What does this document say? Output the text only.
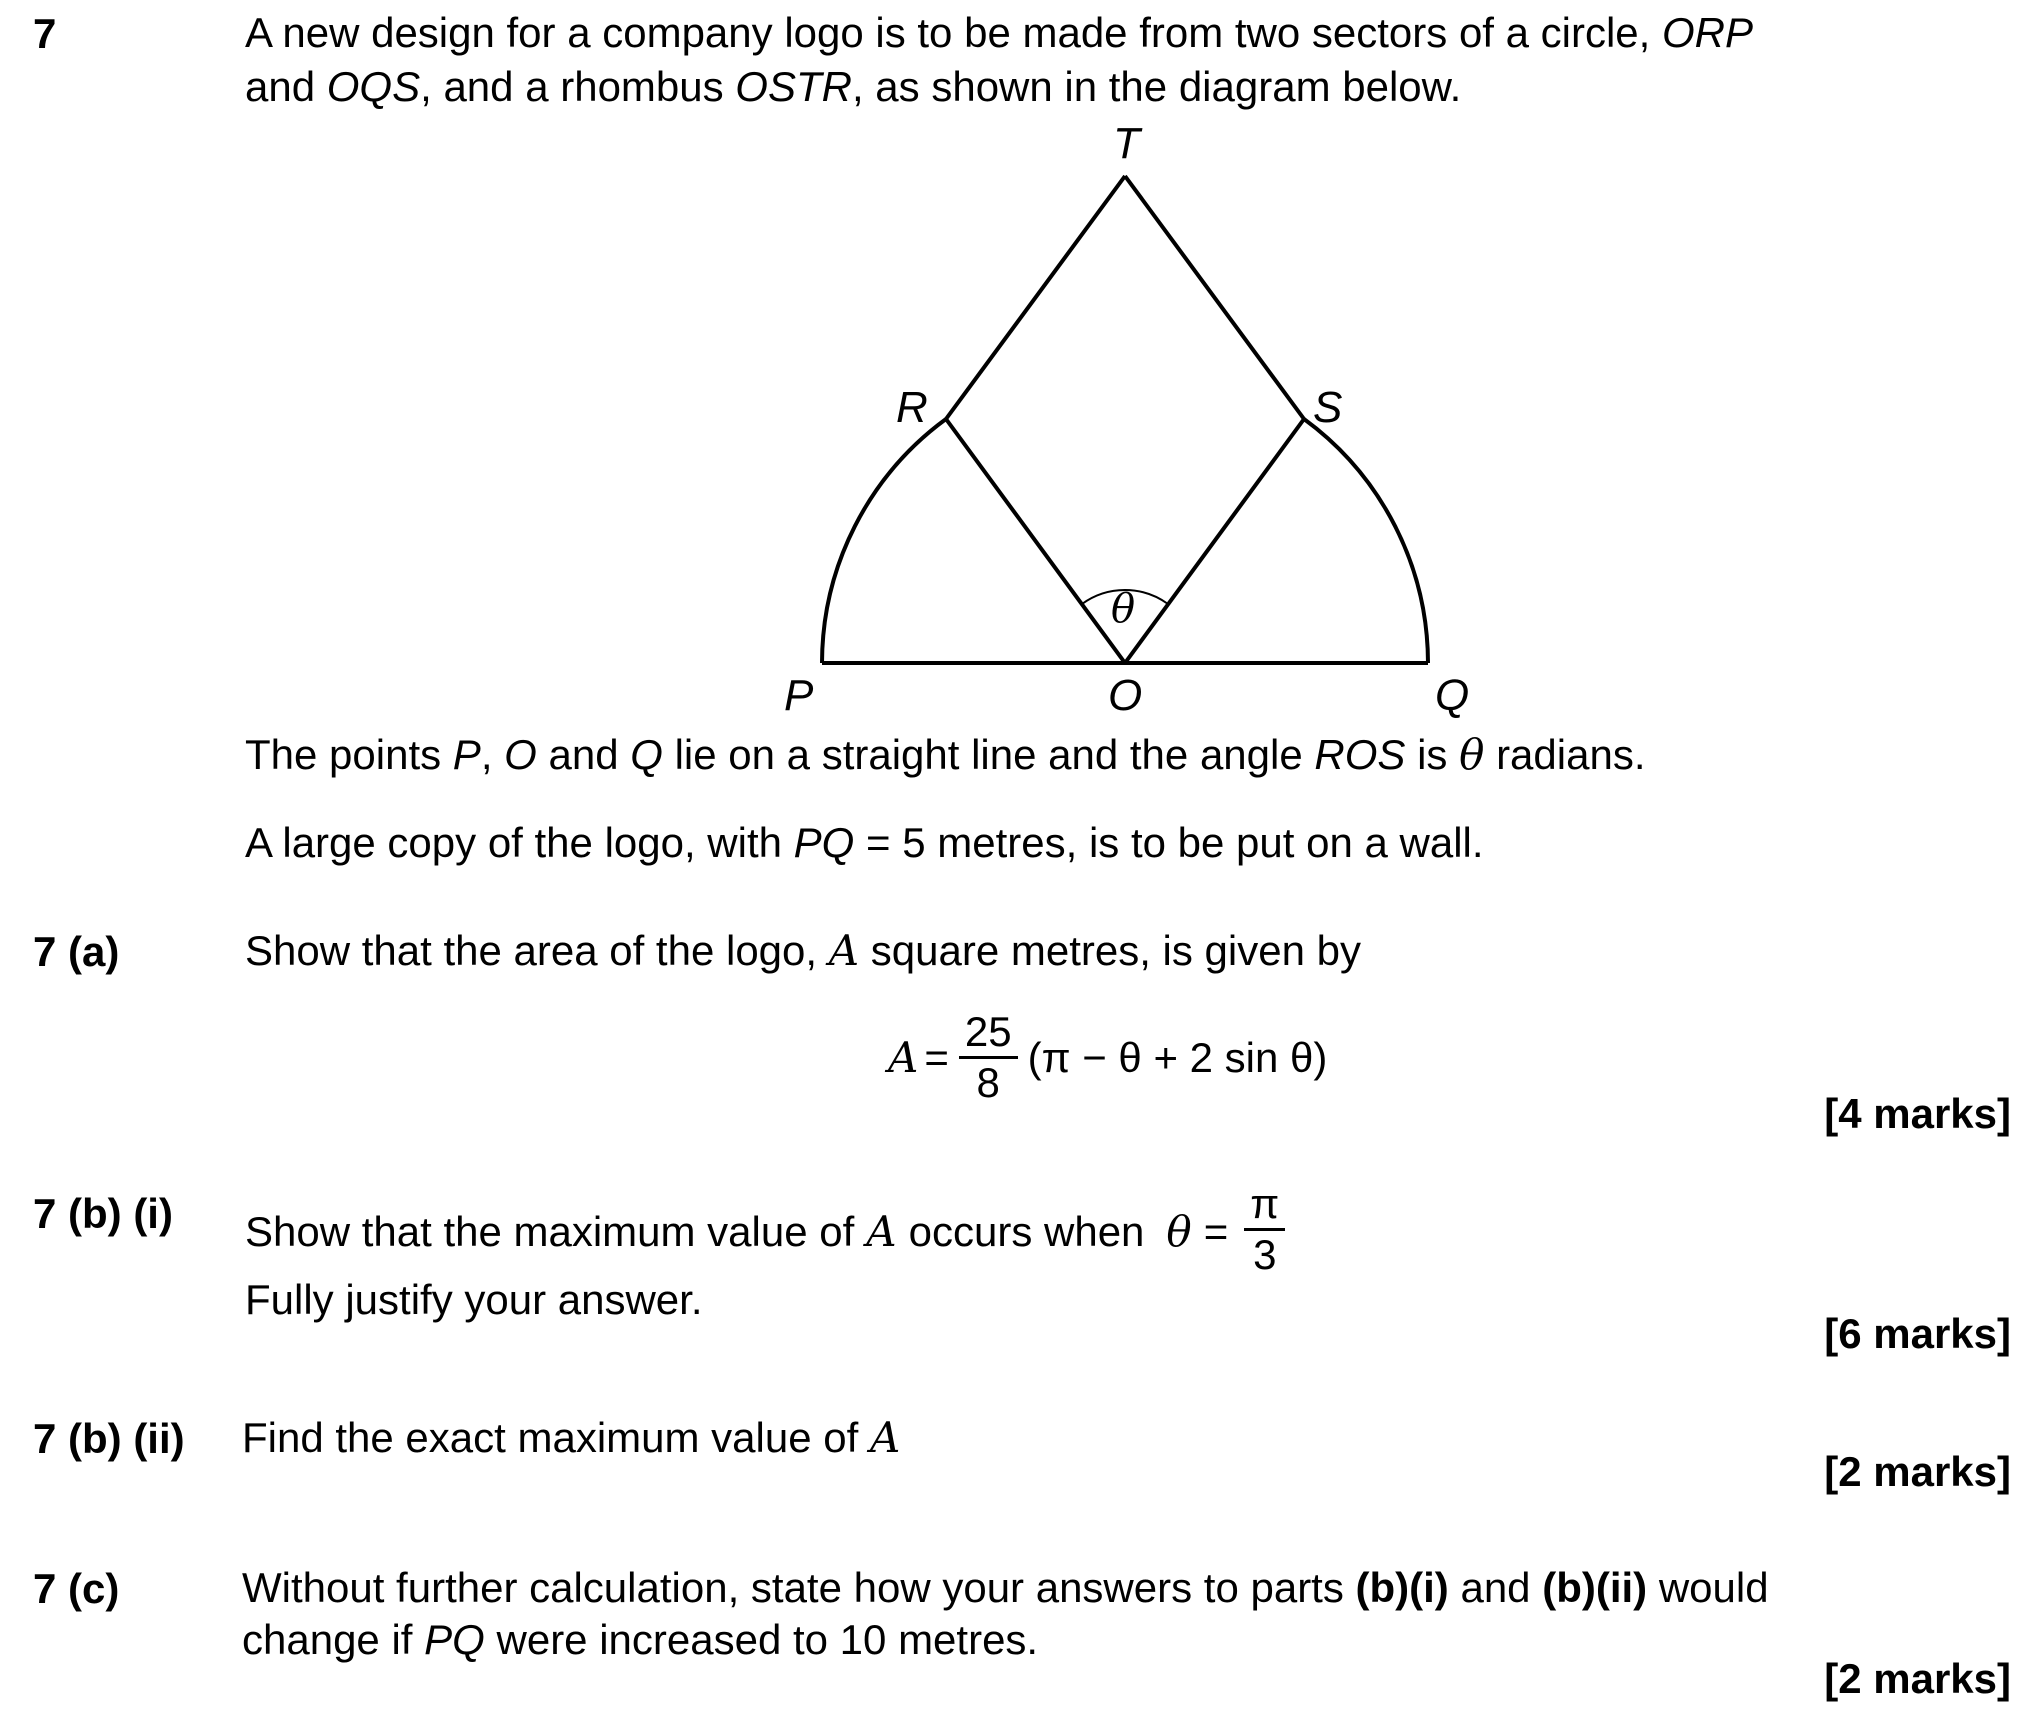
7	A new design for a company logo is to be made from two sectors of a circle, ORP
and OQS, and a rhombus OSTR, as shown in the diagram below.
T
R	S
P	O	Q
θ
The points P, O and Q lie on a straight line and the angle ROS is θ radians.
A large copy of the logo, with PQ = 5 metres, is to be put on a wall.
7 (a)	Show that the area of the logo, A square metres, is given by
$A = \frac{25}{8} (\pi - \theta + 2$ sin θ)
[4 marks]
7 (b) (i) Show that the maximum value of A occurs when $\theta = \frac{\pi}{3}$
Fully justify your answer.
[6 marks]
7 (b) (ii) Find the exact maximum value of A
[2 marks]
7 (c)	Without further calculation, state how your answers to parts (b)(i) and (b)(ii) would
change if PQ were increased to 10 metres.
[2 marks]
